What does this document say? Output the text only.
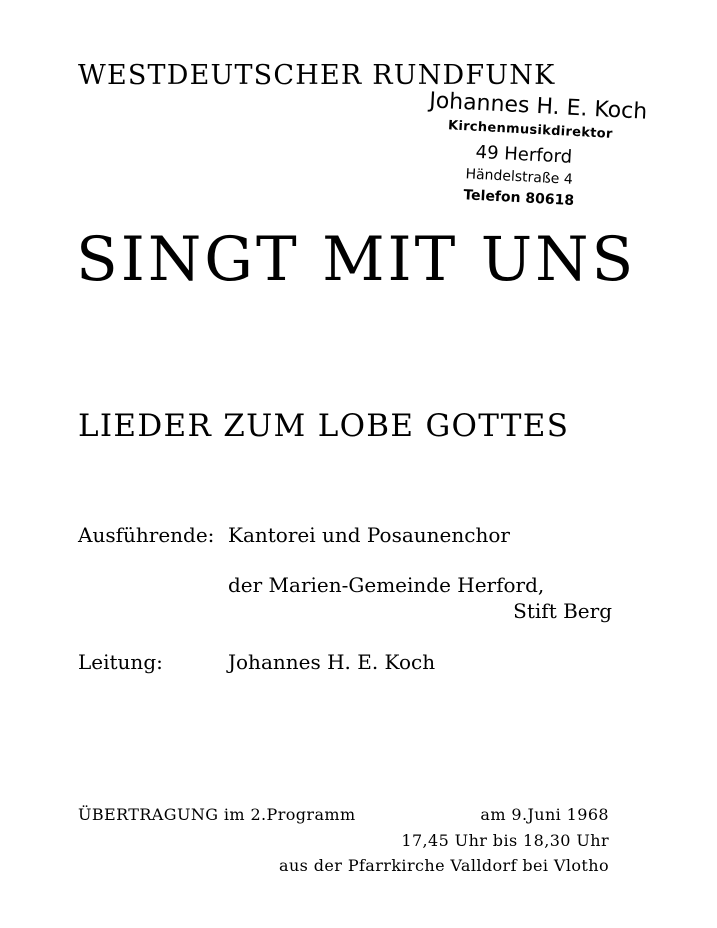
WESTDEUTSCHER RUNDFUNK
Johannes H. E. Koch
Kirchenmusikdirektor
49 Herford
Händelstraße 4
Telefon 80618
SINGT MIT UNS
LIEDER ZUM LOBE GOTTES
Ausführende: Kantorei und Posaunenchor
der Marien-Gemeinde Herford,
Stift Berg
Leitung:	Johannes H. E. Koch
ÜBERTRAGUNG im 2.Programm	am 9.Juni 1968
17,45 Uhr bis 18,30 Uhr
aus der Pfarrkirche Valldorf bei Vlotho
